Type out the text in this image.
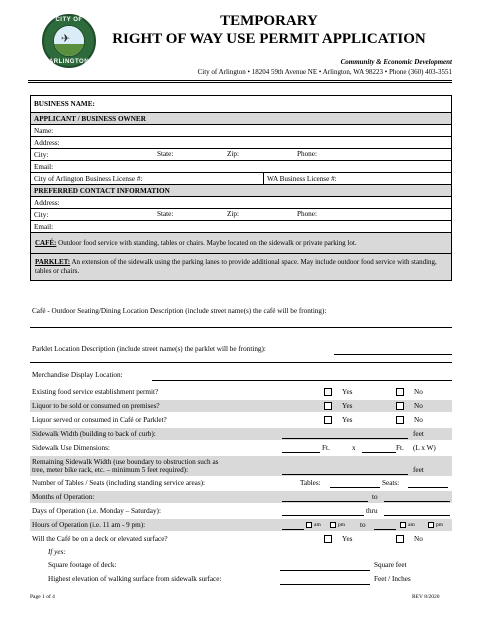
CITY OF
✈
ARLINGTON
TEMPORARY
RIGHT OF WAY USE PERMIT APPLICATION
Community & Economic Development
City of Arlington • 18204 59th Avenue NE • Arlington, WA 98223 • Phone (360) 403-3551
BUSINESS NAME:
APPLICANT / BUSINESS OWNER
Name:
Address:
City:	State:	Zip:	Phone:

Email:
City of Arlington Business License #:	WA Business License #:
PREFERRED CONTACT INFORMATION
Address:
City:	State:	Zip:	Phone:

Email:
CAFÉ: Outdoor food service with standing, tables or chairs. Maybe located on the sidewalk or private parking lot.
PARKLET: An extension of the sidewalk using the parking lanes to provide additional space. May include outdoor food service with standing, tables or chairs.
Café - Outdoor Seating/Dining Location Description (include street name(s) the café will be fronting):
Parklet Location Description (include street name(s) the parklet will be fronting):
Merchandise Display Location:
Existing food service establishment permit?	Yes	No
Liquor to be sold or consumed on premises?	Yes	No
Liquor served or consumed in Café or Parklet?	Yes	No
Sidewalk Width (building to back of curb):	feet
Sidewalk Use Dimensions:	Ft.	x	Ft. (L x W)
Remaining Sidewalk Width (use boundary to obstruction such as
tree, meter bike rack, etc. – minimum 5 feet required):	feet
Number of Tables / Seats (including standing service areas):	Tables:	Seats:
Months of Operation:	to
Days of Operation (i.e. Monday – Saturday):	thru
Hours of Operation (i.e. 11 am - 9 pm):	am	pm to	am	pm
Will the Café be on a deck or elevated surface?	Yes	No
If yes:
Square footage of deck:	Square feet
Highest elevation of walking surface from sidewalk surface:	Feet / Inches
Page 1 of 4	REV 8/2020
